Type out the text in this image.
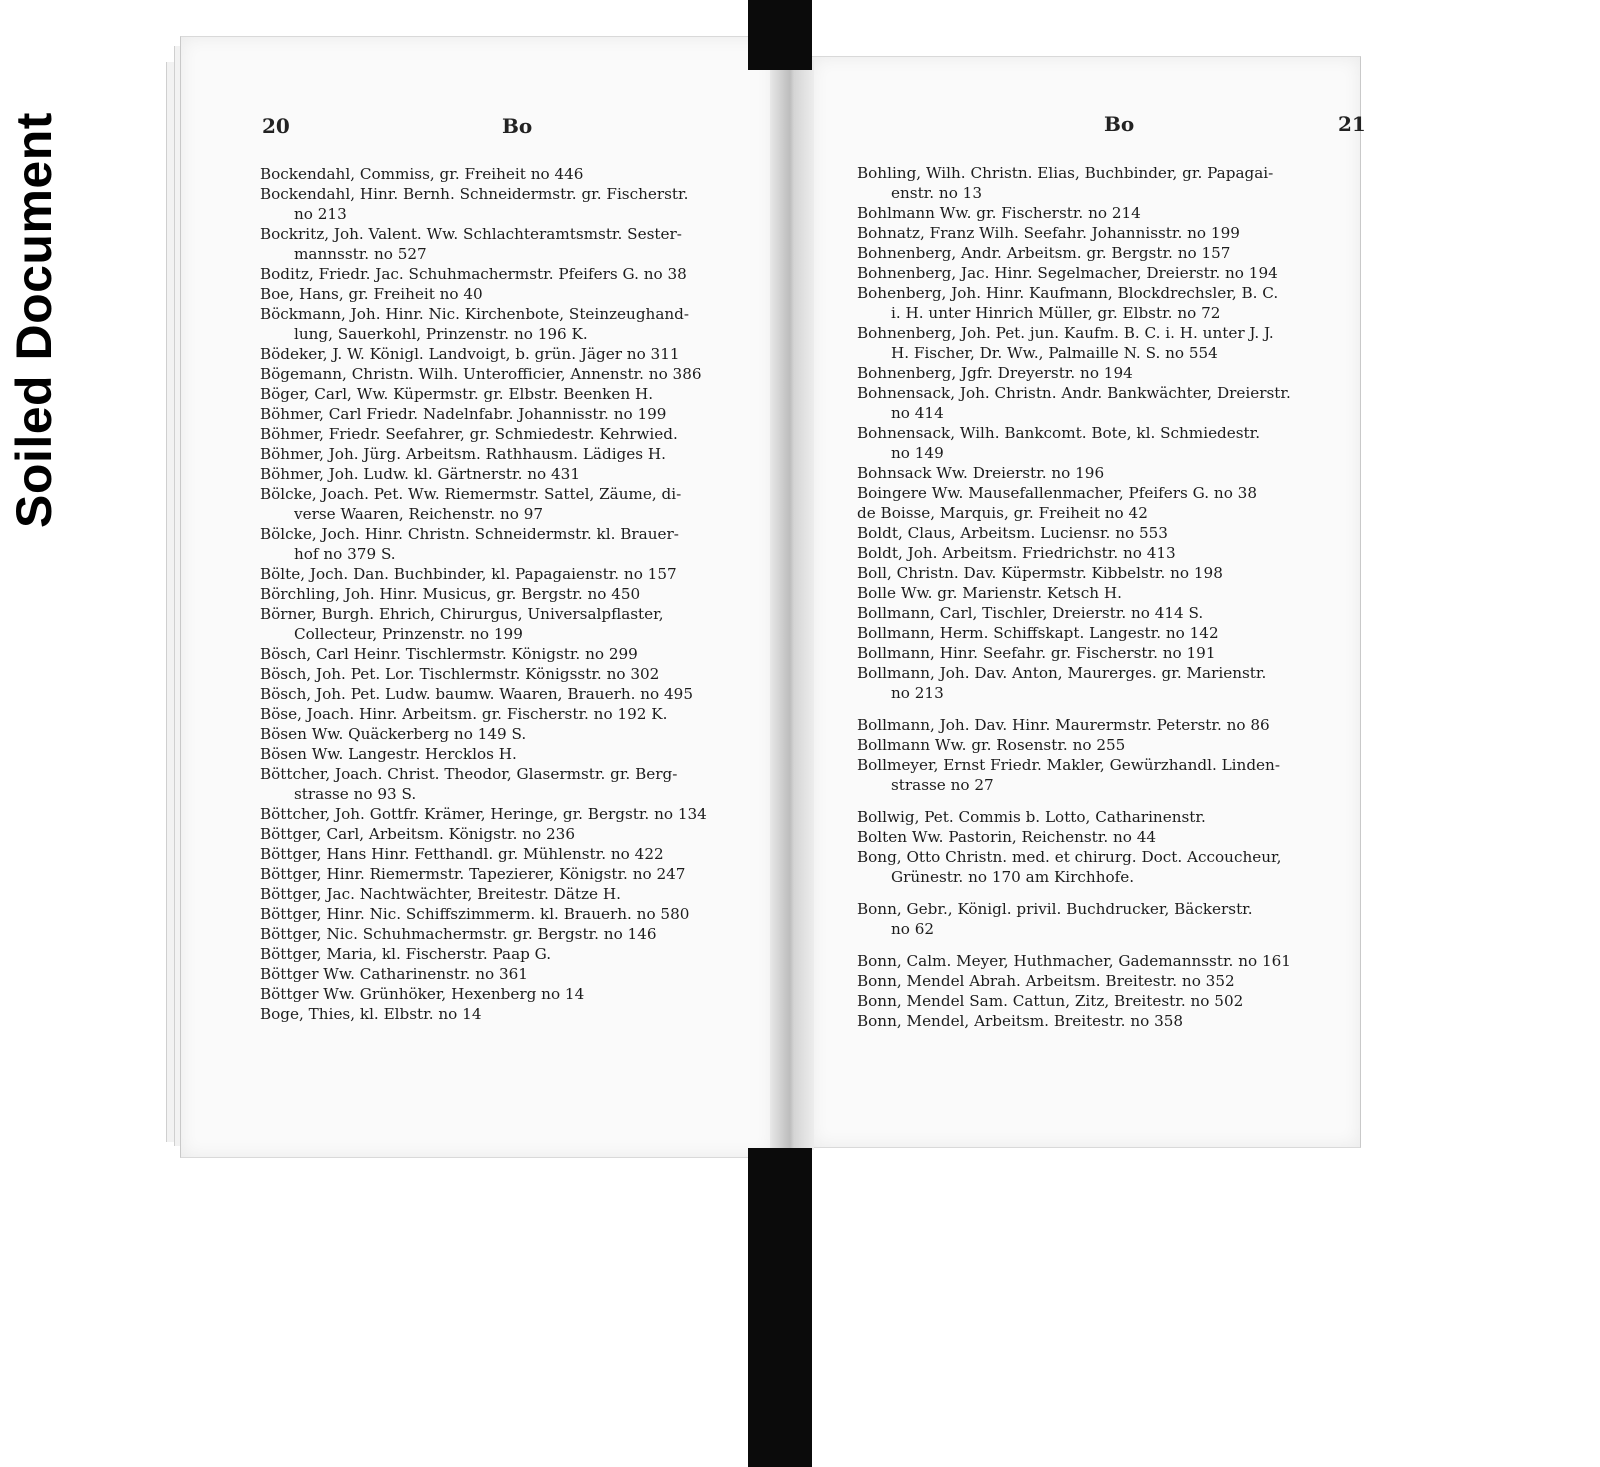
Soiled Document	20	Bo	Bo	21
Bockendahl, Commiss, gr. Freiheit no 446
Bockendahl, Hinr. Bernh. Schneidermstr. gr. Fischerstr.
no 213
Bockritz, Joh. Valent. Ww. Schlachteramtsmstr. Sester-
mannsstr. no 527
Boditz, Friedr. Jac. Schuhmachermstr. Pfeifers G. no 38
Boe, Hans, gr. Freiheit no 40
Böckmann, Joh. Hinr. Nic. Kirchenbote, Steinzeughand-
lung, Sauerkohl, Prinzenstr. no 196 K.
Bödeker, J. W. Königl. Landvoigt, b. grün. Jäger no 311
Bögemann, Christn. Wilh. Unterofficier, Annenstr. no 386
Böger, Carl, Ww. Küpermstr. gr. Elbstr. Beenken H.
Böhmer, Carl Friedr. Nadelnfabr. Johannisstr. no 199
Böhmer, Friedr. Seefahrer, gr. Schmiedestr. Kehrwied.
Böhmer, Joh. Jürg. Arbeitsm. Rathhausm. Lädiges H.
Böhmer, Joh. Ludw. kl. Gärtnerstr. no 431
Bölcke, Joach. Pet. Ww. Riemermstr. Sattel, Zäume, di-
verse Waaren, Reichenstr. no 97
Bölcke, Joch. Hinr. Christn. Schneidermstr. kl. Brauer-
hof no 379 S.
Bölte, Joch. Dan. Buchbinder, kl. Papagaienstr. no 157
Börchling, Joh. Hinr. Musicus, gr. Bergstr. no 450
Börner, Burgh. Ehrich, Chirurgus, Universalpflaster,
Collecteur, Prinzenstr. no 199
Bösch, Carl Heinr. Tischlermstr. Königstr. no 299
Bösch, Joh. Pet. Lor. Tischlermstr. Königsstr. no 302
Bösch, Joh. Pet. Ludw. baumw. Waaren, Brauerh. no 495
Böse, Joach. Hinr. Arbeitsm. gr. Fischerstr. no 192 K.
Bösen Ww. Quäckerberg no 149 S.
Bösen Ww. Langestr. Hercklos H.
Böttcher, Joach. Christ. Theodor, Glasermstr. gr. Berg-
strasse no 93 S.
Böttcher, Joh. Gottfr. Krämer, Heringe, gr. Bergstr. no 134
Böttger, Carl, Arbeitsm. Königstr. no 236
Böttger, Hans Hinr. Fetthandl. gr. Mühlenstr. no 422
Böttger, Hinr. Riemermstr. Tapezierer, Königstr. no 247
Böttger, Jac. Nachtwächter, Breitestr. Dätze H.
Böttger, Hinr. Nic. Schiffszimmerm. kl. Brauerh. no 580
Böttger, Nic. Schuhmachermstr. gr. Bergstr. no 146
Böttger, Maria, kl. Fischerstr. Paap G.
Böttger Ww. Catharinenstr. no 361
Böttger Ww. Grünhöker, Hexenberg no 14
Boge, Thies, kl. Elbstr. no 14
Bohling, Wilh. Christn. Elias, Buchbinder, gr. Papagai-
enstr. no 13
Bohlmann Ww. gr. Fischerstr. no 214
Bohnatz, Franz Wilh. Seefahr. Johannisstr. no 199
Bohnenberg, Andr. Arbeitsm. gr. Bergstr. no 157
Bohnenberg, Jac. Hinr. Segelmacher, Dreierstr. no 194
Bohenberg, Joh. Hinr. Kaufmann, Blockdrechsler, B. C.
i. H. unter Hinrich Müller, gr. Elbstr. no 72
Bohnenberg, Joh. Pet. jun. Kaufm. B. C. i. H. unter J. J.
H. Fischer, Dr. Ww., Palmaille N. S. no 554
Bohnenberg, Jgfr. Dreyerstr. no 194
Bohnensack, Joh. Christn. Andr. Bankwächter, Dreierstr.
no 414
Bohnensack, Wilh. Bankcomt. Bote, kl. Schmiedestr.
no 149
Bohnsack Ww. Dreierstr. no 196
Boingere Ww. Mausefallenmacher, Pfeifers G. no 38
de Boisse, Marquis, gr. Freiheit no 42
Boldt, Claus, Arbeitsm. Luciensr. no 553
Boldt, Joh. Arbeitsm. Friedrichstr. no 413
Boll, Christn. Dav. Küpermstr. Kibbelstr. no 198
Bolle Ww. gr. Marienstr. Ketsch H.
Bollmann, Carl, Tischler, Dreierstr. no 414 S.
Bollmann, Herm. Schiffskapt. Langestr. no 142
Bollmann, Hinr. Seefahr. gr. Fischerstr. no 191
Bollmann, Joh. Dav. Anton, Maurerges. gr. Marienstr.
no 213
Bollmann, Joh. Dav. Hinr. Maurermstr. Peterstr. no 86
Bollmann Ww. gr. Rosenstr. no 255
Bollmeyer, Ernst Friedr. Makler, Gewürzhandl. Linden-
strasse no 27
Bollwig, Pet. Commis b. Lotto, Catharinenstr.
Bolten Ww. Pastorin, Reichenstr. no 44
Bong, Otto Christn. med. et chirurg. Doct. Accoucheur,
Grünestr. no 170 am Kirchhofe.
Bonn, Gebr., Königl. privil. Buchdrucker, Bäckerstr.
no 62
Bonn, Calm. Meyer, Huthmacher, Gademannsstr. no 161
Bonn, Mendel Abrah. Arbeitsm. Breitestr. no 352
Bonn, Mendel Sam. Cattun, Zitz, Breitestr. no 502
Bonn, Mendel, Arbeitsm. Breitestr. no 358
